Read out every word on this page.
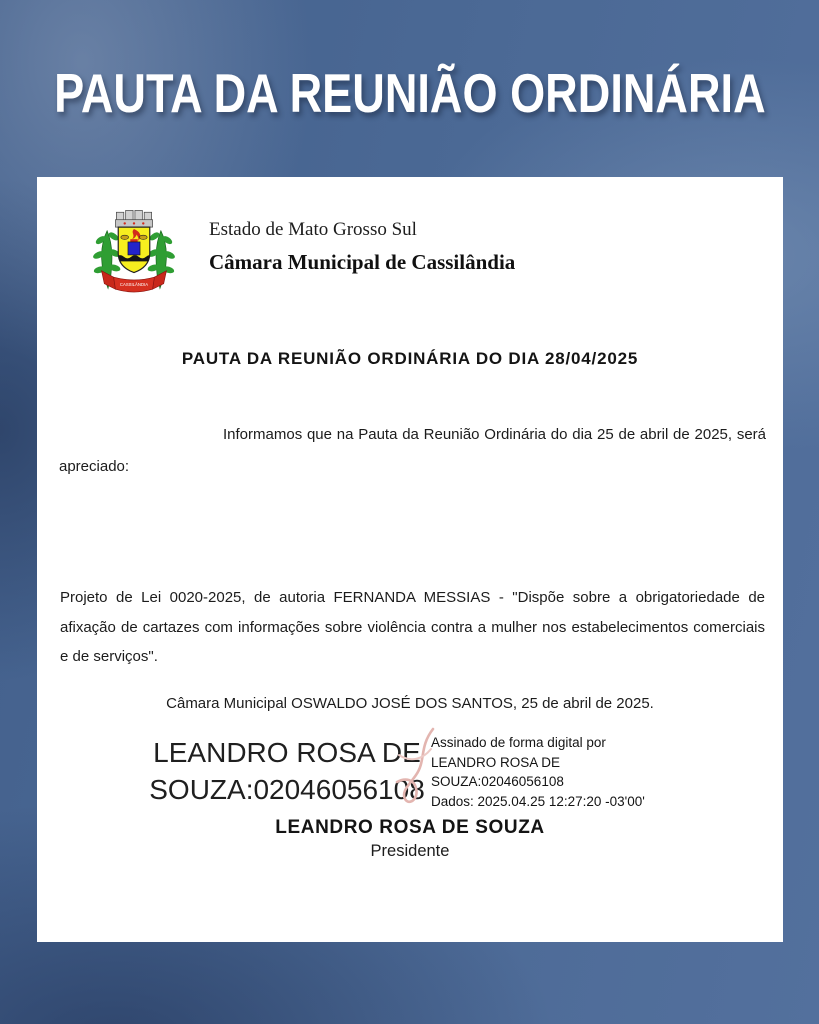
PAUTA DA REUNIÃO ORDINÁRIA
CASSILÂNDIA
Estado de Mato Grosso Sul
Câmara Municipal de Cassilândia
PAUTA DA REUNIÃO ORDINÁRIA DO DIA 28/04/2025

Informamos que na Pauta da Reunião Ordinária do dia 25 de abril de 2025, será apreciado:

Projeto de Lei 0020-2025, de autoria FERNANDA MESSIAS - "Dispõe sobre a obrigatoriedade de afixação de cartazes com informações sobre violência contra a mulher nos estabelecimentos comerciais e de serviços".

Câmara Municipal OSWALDO JOSÉ DOS SANTOS, 25 de abril de 2025.
LEANDRO ROSA DE
SOUZA:02046056108
Assinado de forma digital por
LEANDRO ROSA DE
SOUZA:02046056108
Dados: 2025.04.25 12:27:20 -03'00'
LEANDRO ROSA DE SOUZA
Presidente
